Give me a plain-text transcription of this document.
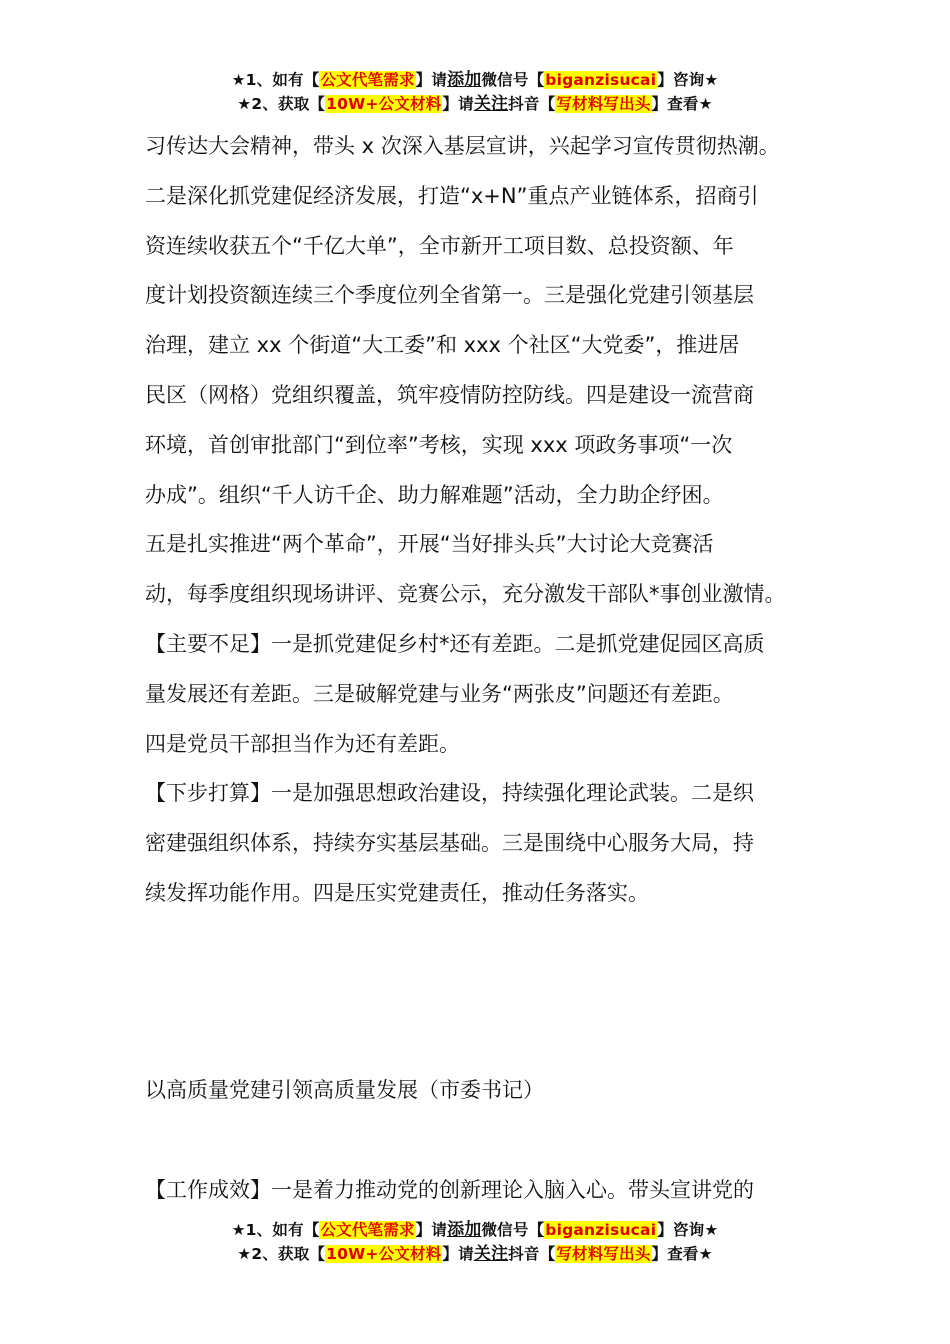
★1、如有【公文代笔需求】请添加微信号【biganzisucai】咨询★
★2、获取【10W+公文材料】请关注抖音【写材料写出头】查看★

习传达大会精神，带头 x 次深入基层宣讲，兴起学习宣传贯彻热潮。

二是深化抓党建促经济发展，打造“x+N”重点产业链体系，招商引

资连续收获五个“千亿大单”，全市新开工项目数、总投资额、年

度计划投资额连续三个季度位列全省第一。三是强化党建引领基层

治理，建立 xx 个街道“大工委”和 xxx 个社区“大党委”，推进居

民区（网格）党组织覆盖，筑牢疫情防控防线。四是建设一流营商

环境，首创审批部门“到位率”考核，实现 xxx 项政务事项“一次

办成”。组织“千人访千企、助力解难题”活动，全力助企纾困。

五是扎实推进“两个革命”，开展“当好排头兵”大讨论大竞赛活

动，每季度组织现场讲评、竞赛公示，充分激发干部队*事创业激情。

【主要不足】一是抓党建促乡村*还有差距。二是抓党建促园区高质

量发展还有差距。三是破解党建与业务“两张皮”问题还有差距。

四是党员干部担当作为还有差距。

【下步打算】一是加强思想政治建设，持续强化理论武装。二是织

密建强组织体系，持续夯实基层基础。三是围绕中心服务大局，持

续发挥功能作用。四是压实党建责任，推动任务落实。

以高质量党建引领高质量发展（市委书记）

【工作成效】一是着力推动党的创新理论入脑入心。带头宣讲党的

★1、如有【公文代笔需求】请添加微信号【biganzisucai】咨询★
★2、获取【10W+公文材料】请关注抖音【写材料写出头】查看★
